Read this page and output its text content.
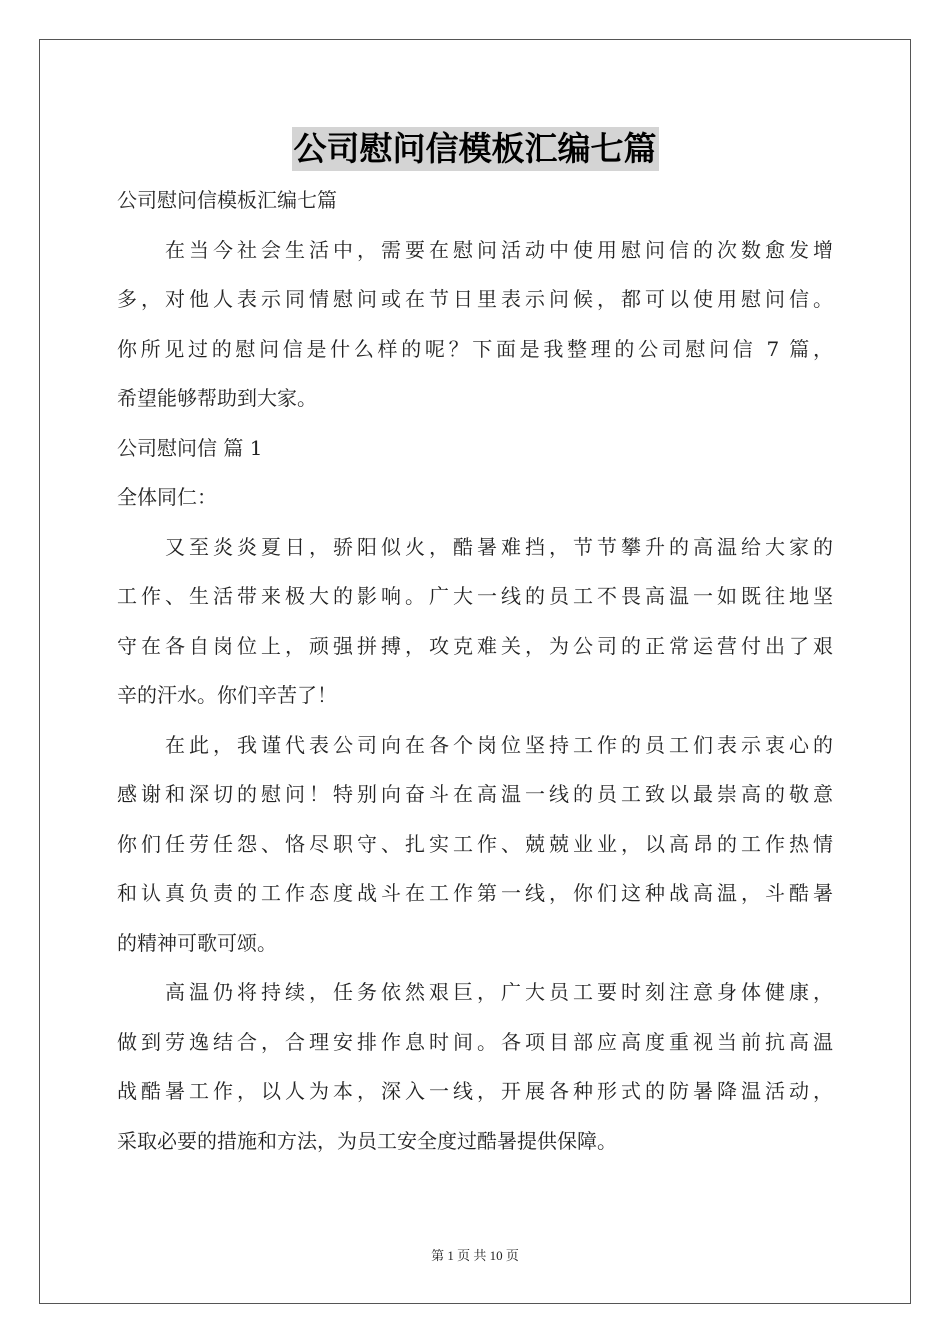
公司慰问信模板汇编七篇
公司慰问信模板汇编七篇
在当今社会生活中，需要在慰问活动中使用慰问信的次数愈发增
多，对他人表示同情慰问或在节日里表示问候，都可以使用慰问信。
你所见过的慰问信是什么样的呢？下面是我整理的公司慰问信 7 篇，
希望能够帮助到大家。
公司慰问信 篇 1
全体同仁：
又至炎炎夏日，骄阳似火，酷暑难挡，节节攀升的高温给大家的
工作、生活带来极大的影响。广大一线的员工不畏高温一如既往地坚
守在各自岗位上，顽强拼搏，攻克难关，为公司的正常运营付出了艰
辛的汗水。你们辛苦了！
在此，我谨代表公司向在各个岗位坚持工作的员工们表示衷心的
感谢和深切的慰问！特别向奋斗在高温一线的员工致以最崇高的敬意
你们任劳任怨、恪尽职守、扎实工作、兢兢业业，以高昂的工作热情
和认真负责的工作态度战斗在工作第一线，你们这种战高温，斗酷暑
的精神可歌可颂。
高温仍将持续，任务依然艰巨，广大员工要时刻注意身体健康，
做到劳逸结合，合理安排作息时间。各项目部应高度重视当前抗高温
战酷暑工作，以人为本，深入一线，开展各种形式的防暑降温活动，
采取必要的措施和方法，为员工安全度过酷暑提供保障。
第 1 页 共 10 页
